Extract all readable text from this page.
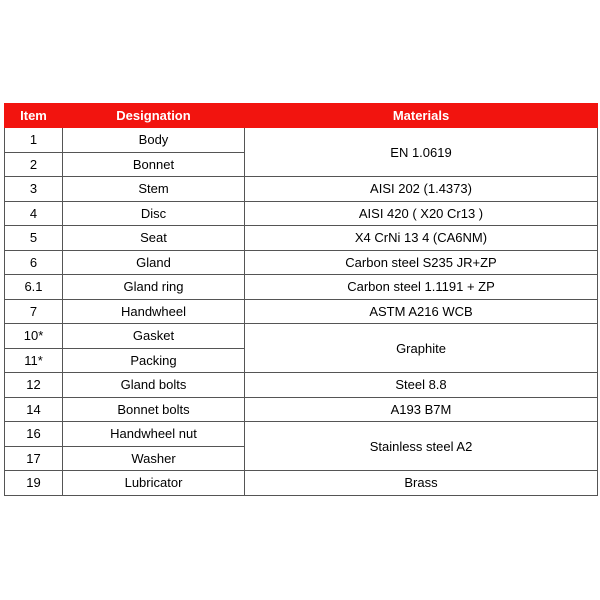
Item	Designation	Materials
1	Body	EN 1.0619
2	Bonnet	
3	Stem	AISI 202 (1.4373)
4	Disc	AISI 420 ( X20 Cr13 )
5	Seat	X4 CrNi 13 4 (CA6NM)
6	Gland	Carbon steel S235 JR+ZP
6.1	Gland ring	Carbon steel 1.1191 + ZP
7	Handwheel	ASTM A216 WCB
10*	Gasket	Graphite
11*	Packing	
12	Gland bolts	Steel 8.8
14	Bonnet bolts	A193 B7M
16	Handwheel nut	Stainless steel A2
17	Washer	
19	Lubricator	Brass
